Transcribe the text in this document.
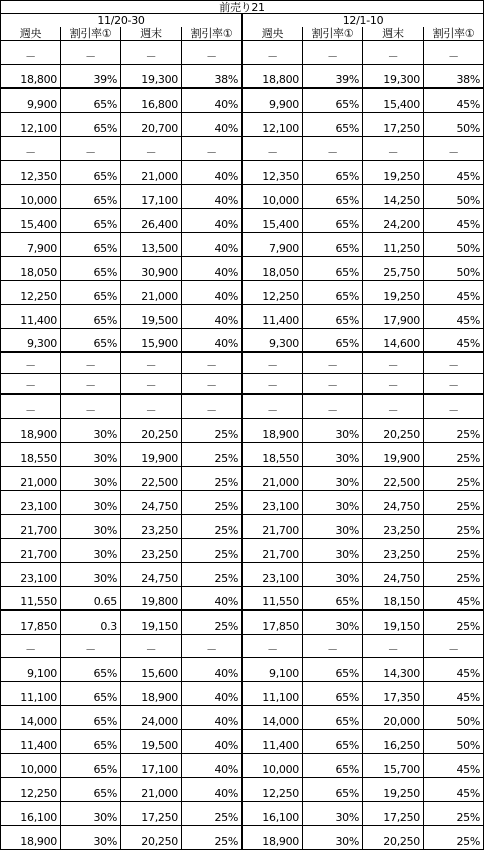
前売り21
11/20-30	12/1-10
週央	割引率①	週末	割引率①	週央	割引率①	週末	割引率①
－	－	－	－	－	－	－	－
18,800	39%	19,300	38%	18,800	39%	19,300	38%
9,900	65%	16,800	40%	9,900	65%	15,400	45%
12,100	65%	20,700	40%	12,100	65%	17,250	50%
－	－	－	－	－	－	－	－
12,350	65%	21,000	40%	12,350	65%	19,250	45%
10,000	65%	17,100	40%	10,000	65%	14,250	50%
15,400	65%	26,400	40%	15,400	65%	24,200	45%
7,900	65%	13,500	40%	7,900	65%	11,250	50%
18,050	65%	30,900	40%	18,050	65%	25,750	50%
12,250	65%	21,000	40%	12,250	65%	19,250	45%
11,400	65%	19,500	40%	11,400	65%	17,900	45%
9,300	65%	15,900	40%	9,300	65%	14,600	45%
－	－	－	－	－	－	－	－
－	－	－	－	－	－	－	－
－	－	－	－	－	－	－	－
18,900	30%	20,250	25%	18,900	30%	20,250	25%
18,550	30%	19,900	25%	18,550	30%	19,900	25%
21,000	30%	22,500	25%	21,000	30%	22,500	25%
23,100	30%	24,750	25%	23,100	30%	24,750	25%
21,700	30%	23,250	25%	21,700	30%	23,250	25%
21,700	30%	23,250	25%	21,700	30%	23,250	25%
23,100	30%	24,750	25%	23,100	30%	24,750	25%
11,550	0.65	19,800	40%	11,550	65%	18,150	45%
17,850	0.3	19,150	25%	17,850	30%	19,150	25%
－	－	－	－	－	－	－	－
9,100	65%	15,600	40%	9,100	65%	14,300	45%
11,100	65%	18,900	40%	11,100	65%	17,350	45%
14,000	65%	24,000	40%	14,000	65%	20,000	50%
11,400	65%	19,500	40%	11,400	65%	16,250	50%
10,000	65%	17,100	40%	10,000	65%	15,700	45%
12,250	65%	21,000	40%	12,250	65%	19,250	45%
16,100	30%	17,250	25%	16,100	30%	17,250	25%
18,900	30%	20,250	25%	18,900	30%	20,250	25%
